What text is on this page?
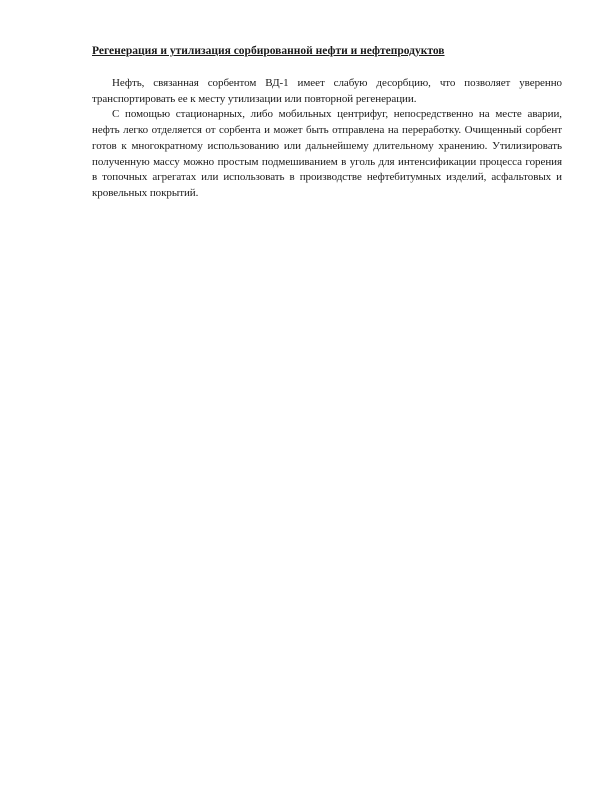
Регенерация и утилизация сорбированной нефти и нефтепродуктов

Нефть, связанная сорбентом ВД-1 имеет слабую десорбцию, что позволяет уверенно транспортировать ее к месту утилизации или повторной регенерации.

С помощью стационарных, либо мобильных центрифуг, непосредственно на месте аварии, нефть легко отделяется от сорбента и может быть отправлена на переработку. Очищенный сорбент готов к многократному использованию или дальнейшему длительному хранению. Утилизировать полученную массу можно простым подмешиванием в уголь для интенсификации процесса горения в топочных агрегатах или использовать в производстве нефтебитумных изделий, асфальтовых и кровельных покрытий.
